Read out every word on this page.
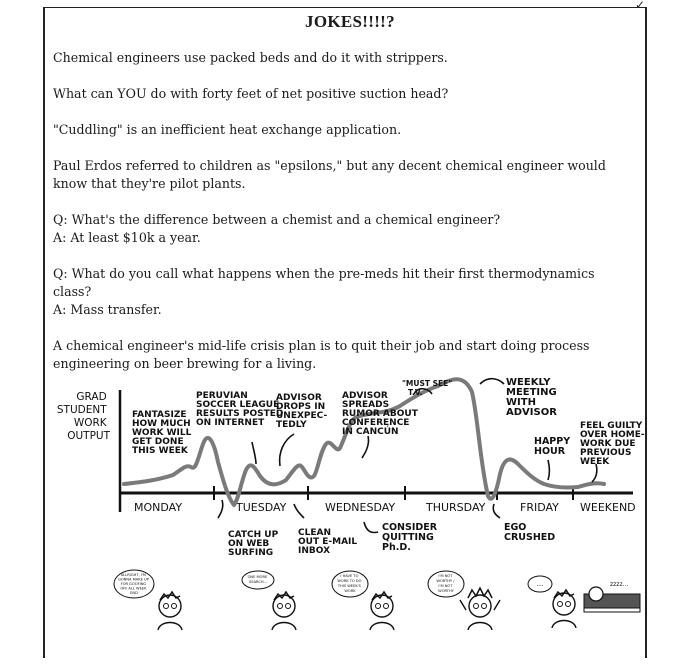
✓
JOKES!!!!?

Chemical engineers use packed beds and do it with strippers.

What can YOU do with forty feet of net positive suction head?

"Cuddling" is an inefficient heat exchange application.

Paul Erdos referred to children as "epsilons," but any decent chemical engineer would know that they're pilot plants.

Q: What's the difference between a chemist and a chemical engineer?
A: At least $10k a year.

Q: What do you call what happens when the pre-meds hit their first thermodynamics class?
A: Mass transfer.

A chemical engineer's mid-life crisis plan is to quit their job and start doing process engineering on beer brewing for a living.

GRAD STUDENT WORK OUTPUT
MONDAY	TUESDAY	WEDNESDAY	THURSDAY	FRIDAY WEEKEND
FANTASIZE HOW MUCH WORK WILL GET DONE THIS WEEK
PERUVIAN SOCCER LEAGUE RESULTS POSTED ON INTERNET
ADVISOR DROPS IN UNEXPEC- TEDLY
ADVISOR SPREADS RUMOR ABOUT CONFERENCE IN CANCÚN
"MUST SEE" T.V.
WEEKLY MEETING WITH ADVISOR
HAPPY HOUR
FEEL GUILTY OVER HOME- WORK DUE PREVIOUS WEEK
CATCH UP ON WEB SURFING
CLEAN OUT E-MAIL INBOX
CONSIDER QUITTING Ph.D.
EGO CRUSHED
ALLRIGHT, I'M GONNA MAKE UP FOR GOOFING OFF ALL WEEK END
ONE MORE SEARCH...
I HAVE TO WORK TO DO THIS WEEK'S WORK
I'M NOT WORTHY / I'M NOT WORTHY
...	zzzz...
